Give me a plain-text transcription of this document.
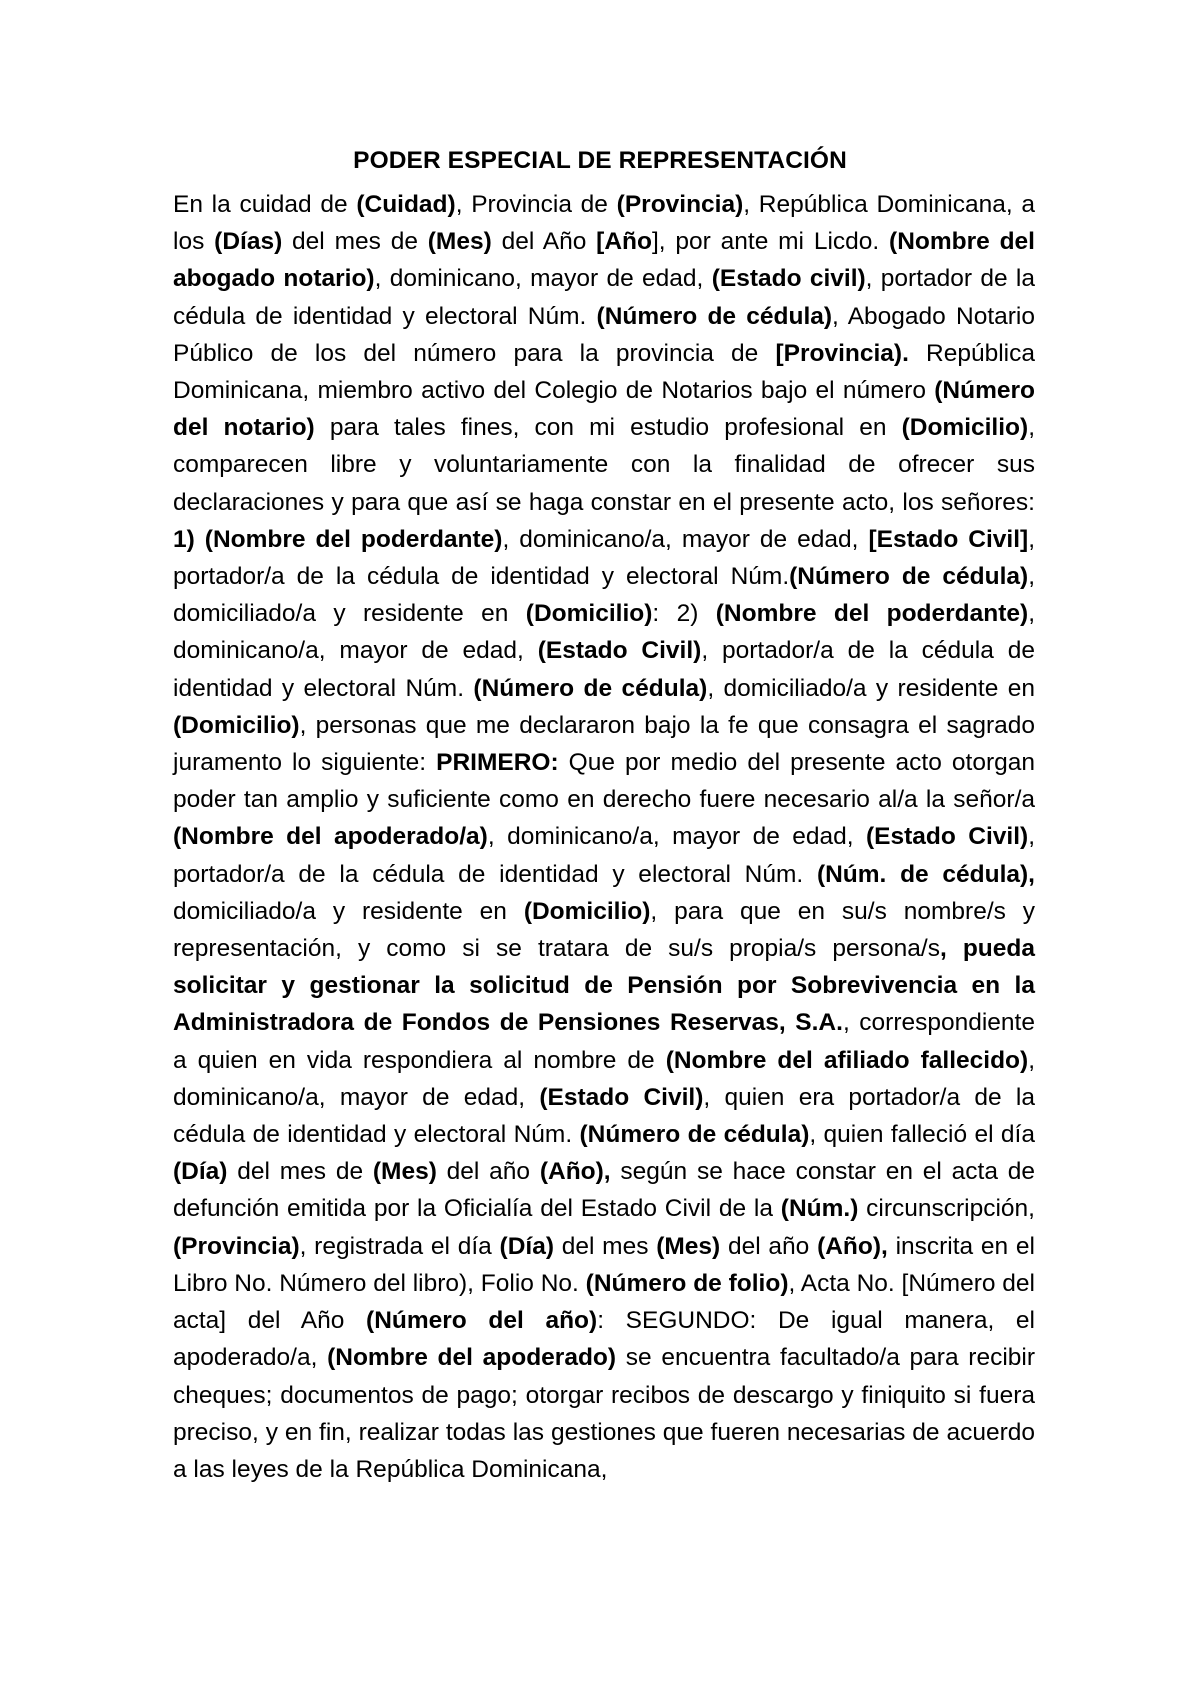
PODER ESPECIAL DE REPRESENTACIÓN

En la cuidad de (Cuidad), Provincia de (Provincia), República Dominicana, a los (Días) del mes de (Mes) del Año [Año], por ante mi Licdo. (Nombre del abogado notario), dominicano, mayor de edad, (Estado civil), portador de la cédula de identidad y electoral Núm. (Número de cédula), Abogado Notario Público de los del número para la provincia de [Provincia). República Dominicana, miembro activo del Colegio de Notarios bajo el número (Número del notario) para tales fines, con mi estudio profesional en (Domicilio), comparecen libre y voluntariamente con la finalidad de ofrecer sus declaraciones y para que así se haga constar en el presente acto, los señores: 1) (Nombre del poderdante), dominicano/a, mayor de edad, [Estado Civil], portador/a de la cédula de identidad y electoral Núm.(Número de cédula), domiciliado/a y residente en (Domicilio): 2) (Nombre del poderdante), dominicano/a, mayor de edad, (Estado Civil), portador/a de la cédula de identidad y electoral Núm. (Número de cédula), domiciliado/a y residente en (Domicilio), personas que me declararon bajo la fe que consagra el sagrado juramento lo siguiente: PRIMERO: Que por medio del presente acto otorgan poder tan amplio y suficiente como en derecho fuere necesario al/a la señor/a (Nombre del apoderado/a), dominicano/a, mayor de edad, (Estado Civil), portador/a de la cédula de identidad y electoral Núm. (Núm. de cédula), domiciliado/a y residente en (Domicilio), para que en su/s nombre/s y representación, y como si se tratara de su/s propia/s persona/s, pueda solicitar y gestionar la solicitud de Pensión por Sobrevivencia en la Administradora de Fondos de Pensiones Reservas, S.A., correspondiente a quien en vida respondiera al nombre de (Nombre del afiliado fallecido), dominicano/a, mayor de edad, (Estado Civil), quien era portador/a de la cédula de identidad y electoral Núm. (Número de cédula), quien falleció el día (Día) del mes de (Mes) del año (Año), según se hace constar en el acta de defunción emitida por la Oficialía del Estado Civil de la (Núm.) circunscripción, (Provincia), registrada el día (Día) del mes (Mes) del año (Año), inscrita en el Libro No. Número del libro), Folio No. (Número de folio), Acta No. [Número del acta] del Año (Número del año): SEGUNDO: De igual manera, el apoderado/a, (Nombre del apoderado) se encuentra facultado/a para recibir cheques; documentos de pago; otorgar recibos de descargo y finiquito si fuera preciso, y en fin, realizar todas las gestiones que fueren necesarias de acuerdo a las leyes de la República Dominicana,
